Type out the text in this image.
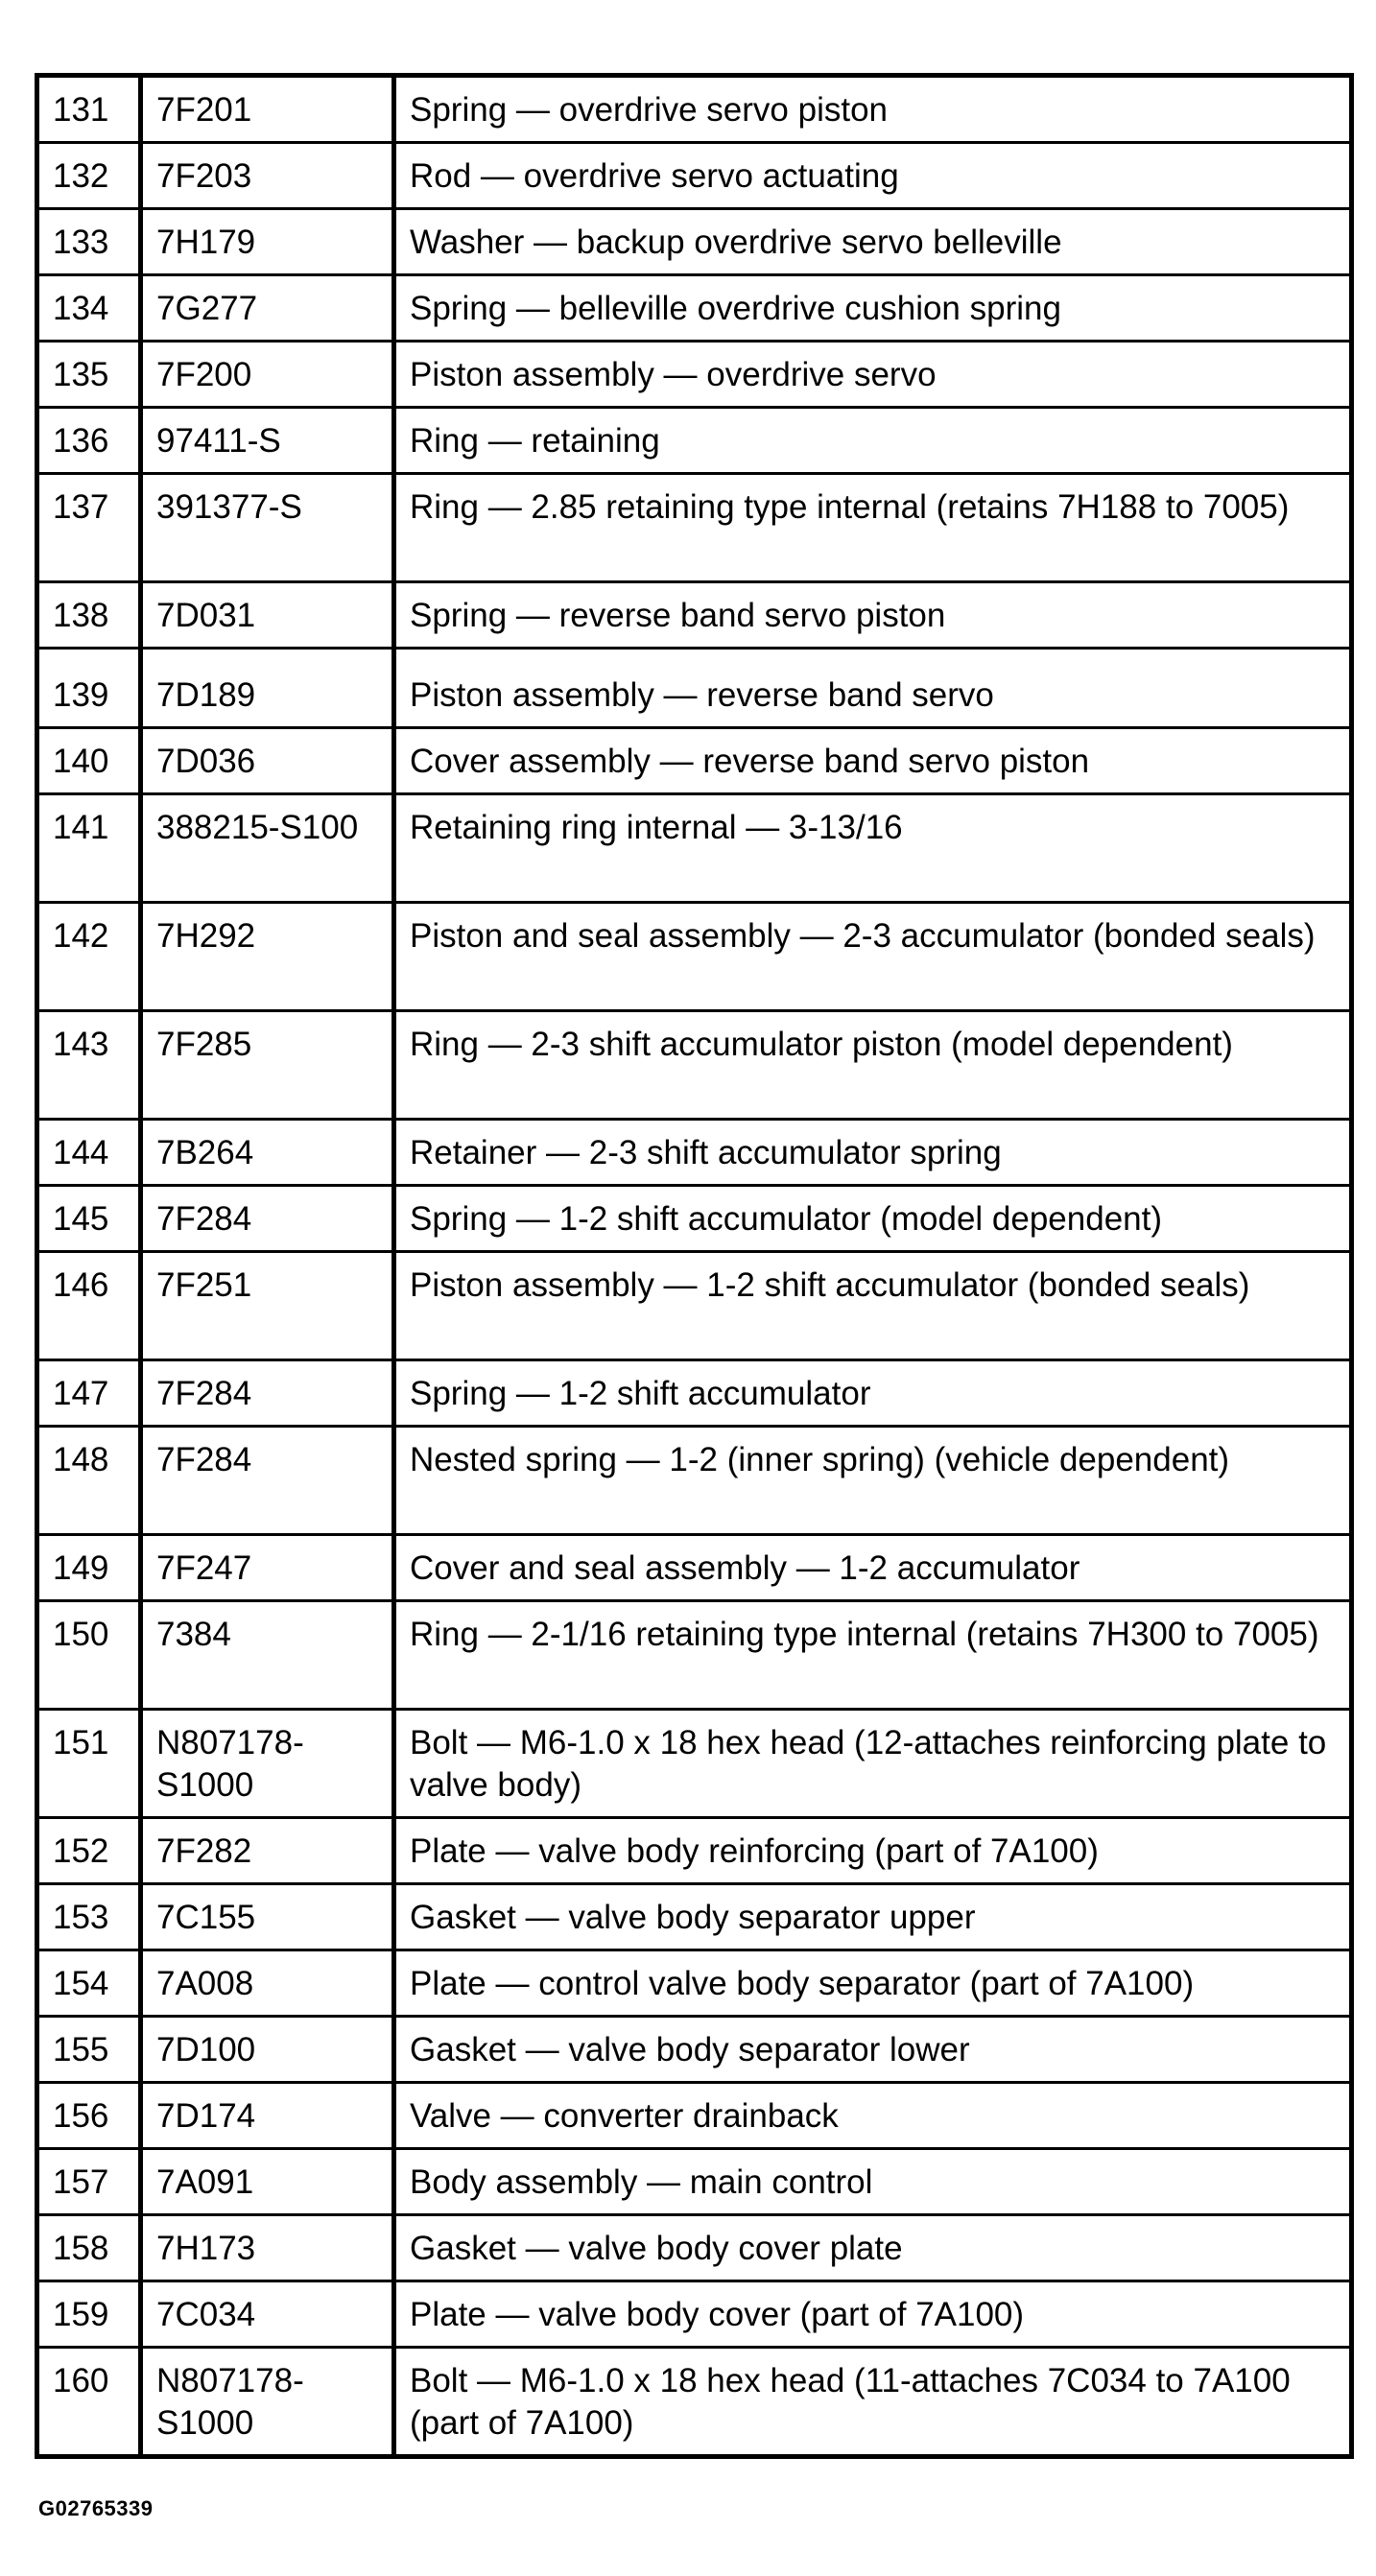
131	7F201	Spring — overdrive servo piston
132	7F203	Rod — overdrive servo actuating
133	7H179	Washer — backup overdrive servo belleville
134	7G277	Spring — belleville overdrive cushion spring
135	7F200	Piston assembly — overdrive servo
136	97411-S	Ring — retaining
137	391377-S	Ring — 2.85 retaining type internal (retains 7H188 to 7005)
138	7D031	Spring — reverse band servo piston
139	7D189	Piston assembly — reverse band servo
140	7D036	Cover assembly — reverse band servo piston
141	388215-S100	Retaining ring internal — 3-13/16
142	7H292	Piston and seal assembly — 2-3 accumulator (bonded seals)
143	7F285	Ring — 2-3 shift accumulator piston (model dependent)
144	7B264	Retainer — 2-3 shift accumulator spring
145	7F284	Spring — 1-2 shift accumulator (model dependent)
146	7F251	Piston assembly — 1-2 shift accumulator (bonded seals)
147	7F284	Spring — 1-2 shift accumulator
148	7F284	Nested spring — 1-2 (inner spring) (vehicle dependent)
149	7F247	Cover and seal assembly — 1-2 accumulator
150	7384	Ring — 2-1/16 retaining type internal (retains 7H300 to 7005)
151	N807178-S1000	Bolt — M6-1.0 x 18 hex head (12-attaches reinforcing plate to valve body)
152	7F282	Plate — valve body reinforcing (part of 7A100)
153	7C155	Gasket — valve body separator upper
154	7A008	Plate — control valve body separator (part of 7A100)
155	7D100	Gasket — valve body separator lower
156	7D174	Valve — converter drainback
157	7A091	Body assembly — main control
158	7H173	Gasket — valve body cover plate
159	7C034	Plate — valve body cover (part of 7A100)
160	N807178-S1000	Bolt — M6-1.0 x 18 hex head (11-attaches 7C034 to 7A100 (part of 7A100)
G02765339
